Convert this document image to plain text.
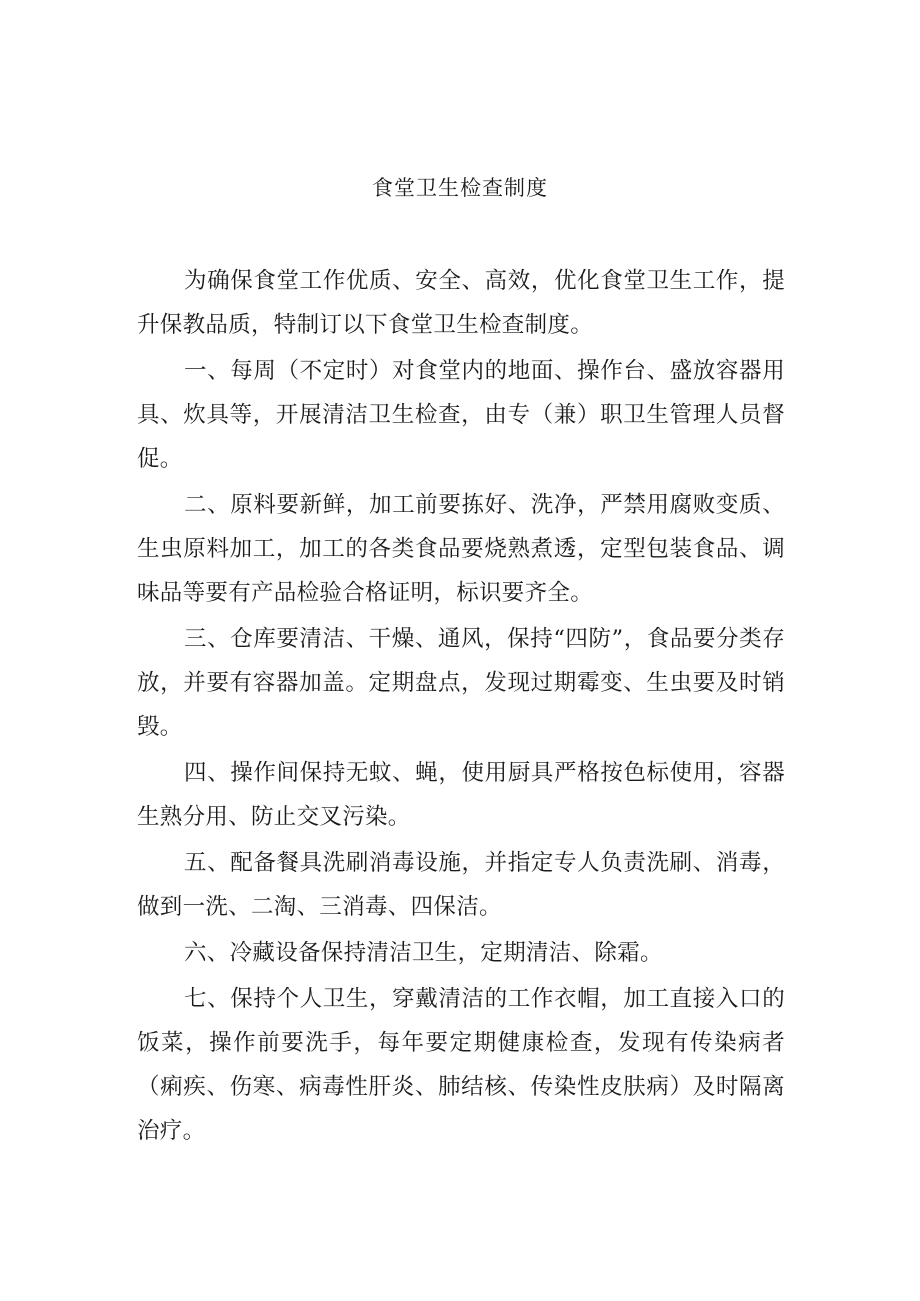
食堂卫生检查制度

为确保食堂工作优质、安全、高效，优化食堂卫生工作，提升保教品质，特制订以下食堂卫生检查制度。

一、每周（不定时）对食堂内的地面、操作台、盛放容器用具、炊具等，开展清洁卫生检查，由专（兼）职卫生管理人员督促。

二、原料要新鲜，加工前要拣好、洗净，严禁用腐败变质、生虫原料加工，加工的各类食品要烧熟煮透，定型包装食品、调味品等要有产品检验合格证明，标识要齐全。

三、仓库要清洁、干燥、通风，保持“四防”，食品要分类存放，并要有容器加盖。定期盘点，发现过期霉变、生虫要及时销毁。

四、操作间保持无蚊、蝇，使用厨具严格按色标使用，容器生熟分用、防止交叉污染。

五、配备餐具洗刷消毒设施，并指定专人负责洗刷、消毒，做到一洗、二淘、三消毒、四保洁。

六、冷藏设备保持清洁卫生，定期清洁、除霜。

七、保持个人卫生，穿戴清洁的工作衣帽，加工直接入口的饭菜，操作前要洗手，每年要定期健康检查，发现有传染病者（痢疾、伤寒、病毒性肝炎、肺结核、传染性皮肤病）及时隔离治疗。
